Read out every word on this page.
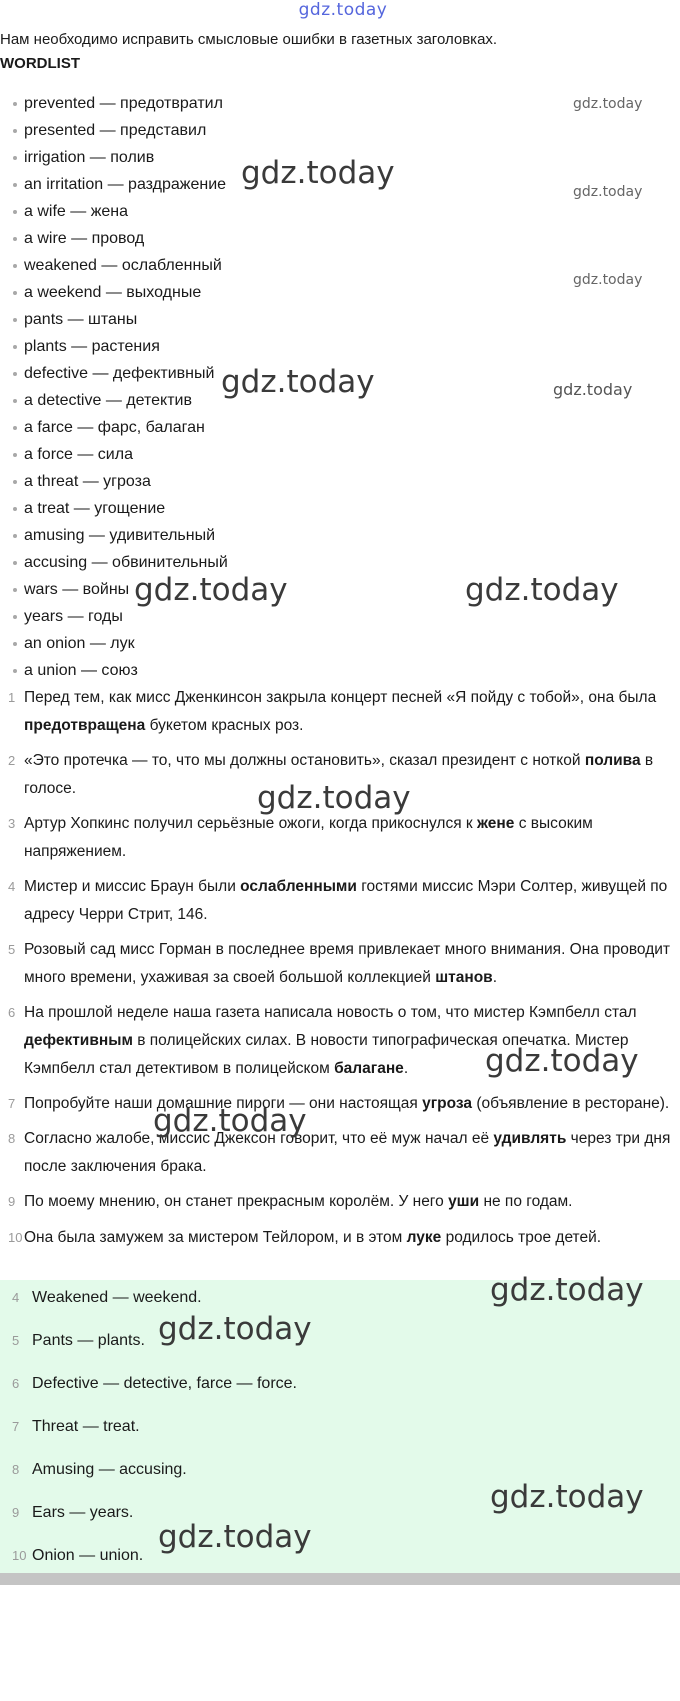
gdz.today
Нам необходимо исправить смысловые ошибки в газетных заголовках.
WORDLIST
prevented — предотвратил
presented — представил
irrigation — полив
an irritation — раздражение
a wife — жена
a wire — провод
weakened — ослабленный
a weekend — выходные
pants — штаны
plants — растения
defective — дефективный
a detective — детектив
a farce — фарс, балаган
a force — сила
a threat — угроза
a treat — угощение
amusing — удивительный
accusing — обвинительный
wars — войны
years — годы
an onion — лук
a union — союз
1 Перед тем, как мисс Дженкинсон закрыла концерт песней «Я пойду с тобой», она была предотвращена букетом красных роз.
2 «Это протечка — то, что мы должны остановить», сказал президент с ноткой полива в голосе.
3 Артур Хопкинс получил серьёзные ожоги, когда прикоснулся к жене с высоким напряжением.
4 Мистер и миссис Браун были ослабленными гостями миссис Мэри Солтер, живущей по адресу Черри Стрит, 146.
5 Розовый сад мисс Горман в последнее время привлекает много внимания. Она проводит много времени, ухаживая за своей большой коллекцией штанов.
6 На прошлой неделе наша газета написала новость о том, что мистер Кэмпбелл стал дефективным в полицейских силах. В новости типографическая опечатка. Мистер Кэмпбелл стал детективом в полицейском балагане.
7 Попробуйте наши домашние пироги — они настоящая угроза (объявление в ресторане).
8 Согласно жалобе, миссис Джексон говорит, что её муж начал её удивлять через три дня после заключения брака.
9 По моему мнению, он станет прекрасным королём. У него уши не по годам.
10 Она была замужем за мистером Тейлором, и в этом луке родилось трое детей.
4 Weakened — weekend.
5 Pants — plants.
6 Defective — detective, farce — force.
7 Threat — treat.
8 Amusing — accusing.
9 Ears — years.
10 Onion — union.
gdz.today
gdz.today
gdz.today
gdz.today
gdz.today	gdz.today
gdz.today	gdz.today
gdz.today
gdz.today
gdz.today
gdz.today
gdz.today
gdz.today
gdz.today
